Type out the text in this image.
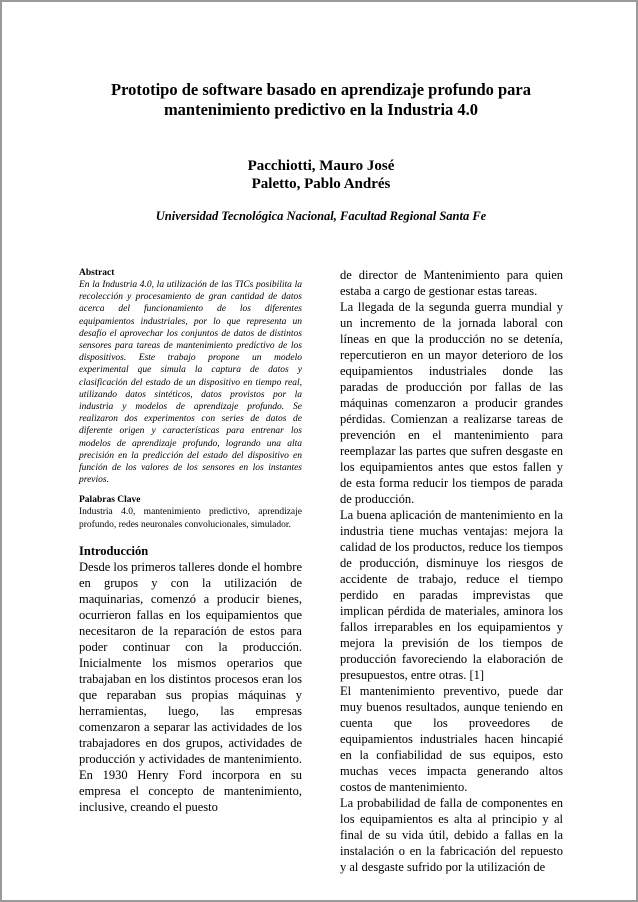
Prototipo de software basado en aprendizaje profundo para
mantenimiento predictivo en la Industria 4.0
Pacchiotti, Mauro José
Paletto, Pablo Andrés
Universidad Tecnológica Nacional, Facultad Regional Santa Fe
Abstract

En la Industria 4.0, la utilización de las TICs posibilita la recolección y procesamiento de gran cantidad de datos acerca del funcionamiento de los diferentes equipamientos industriales, por lo que representa un desafío el aprovechar los conjuntos de datos de distintos sensores para tareas de mantenimiento predictivo de los dispositivos. Este trabajo propone un modelo experimental que simula la captura de datos y clasificación del estado de un dispositivo en tiempo real, utilizando datos sintéticos, datos provistos por la industria y modelos de aprendizaje profundo. Se realizaron dos experimentos con series de datos de diferente origen y características para entrenar los modelos de aprendizaje profundo, logrando una alta precisión en la predicción del estado del dispositivo en función de los valores de los sensores en los instantes previos.

Palabras Clave

Industria 4.0, mantenimiento predictivo, aprendizaje profundo, redes neuronales convolucionales, simulador.

Introducción

Desde los primeros talleres donde el hombre en grupos y con la utilización de maquinarias, comenzó a producir bienes, ocurrieron fallas en los equipamientos que necesitaron de la reparación de estos para poder continuar con la producción. Inicialmente los mismos operarios que trabajaban en los distintos procesos eran los que reparaban sus propias máquinas y herramientas, luego, las empresas comenzaron a separar las actividades de los trabajadores en dos grupos, actividades de producción y actividades de mantenimiento. En 1930 Henry Ford incorpora en su empresa el concepto de mantenimiento, inclusive, creando el puesto

de director de Mantenimiento para quien estaba a cargo de gestionar estas tareas.

La llegada de la segunda guerra mundial y un incremento de la jornada laboral con líneas en que la producción no se detenía, repercutieron en un mayor deterioro de los equipamientos industriales donde las paradas de producción por fallas de las máquinas comenzaron a producir grandes pérdidas. Comienzan a realizarse tareas de prevención en el mantenimiento para reemplazar las partes que sufren desgaste en los equipamientos antes que estos fallen y de esta forma reducir los tiempos de parada de producción.

La buena aplicación de mantenimiento en la industria tiene muchas ventajas: mejora la calidad de los productos, reduce los tiempos de producción, disminuye los riesgos de accidente de trabajo, reduce el tiempo perdido en paradas imprevistas que implican pérdida de materiales, aminora los fallos irreparables en los equipamientos y mejora la previsión de los tiempos de producción favoreciendo la elaboración de presupuestos, entre otras. [1]

El mantenimiento preventivo, puede dar muy buenos resultados, aunque teniendo en cuenta que los proveedores de equipamientos industriales hacen hincapié en la confiabilidad de sus equipos, esto muchas veces impacta generando altos costos de mantenimiento.

La probabilidad de falla de componentes en los equipamientos es alta al principio y al final de su vida útil, debido a fallas en la instalación o en la fabricación del repuesto y al desgaste sufrido por la utilización de
